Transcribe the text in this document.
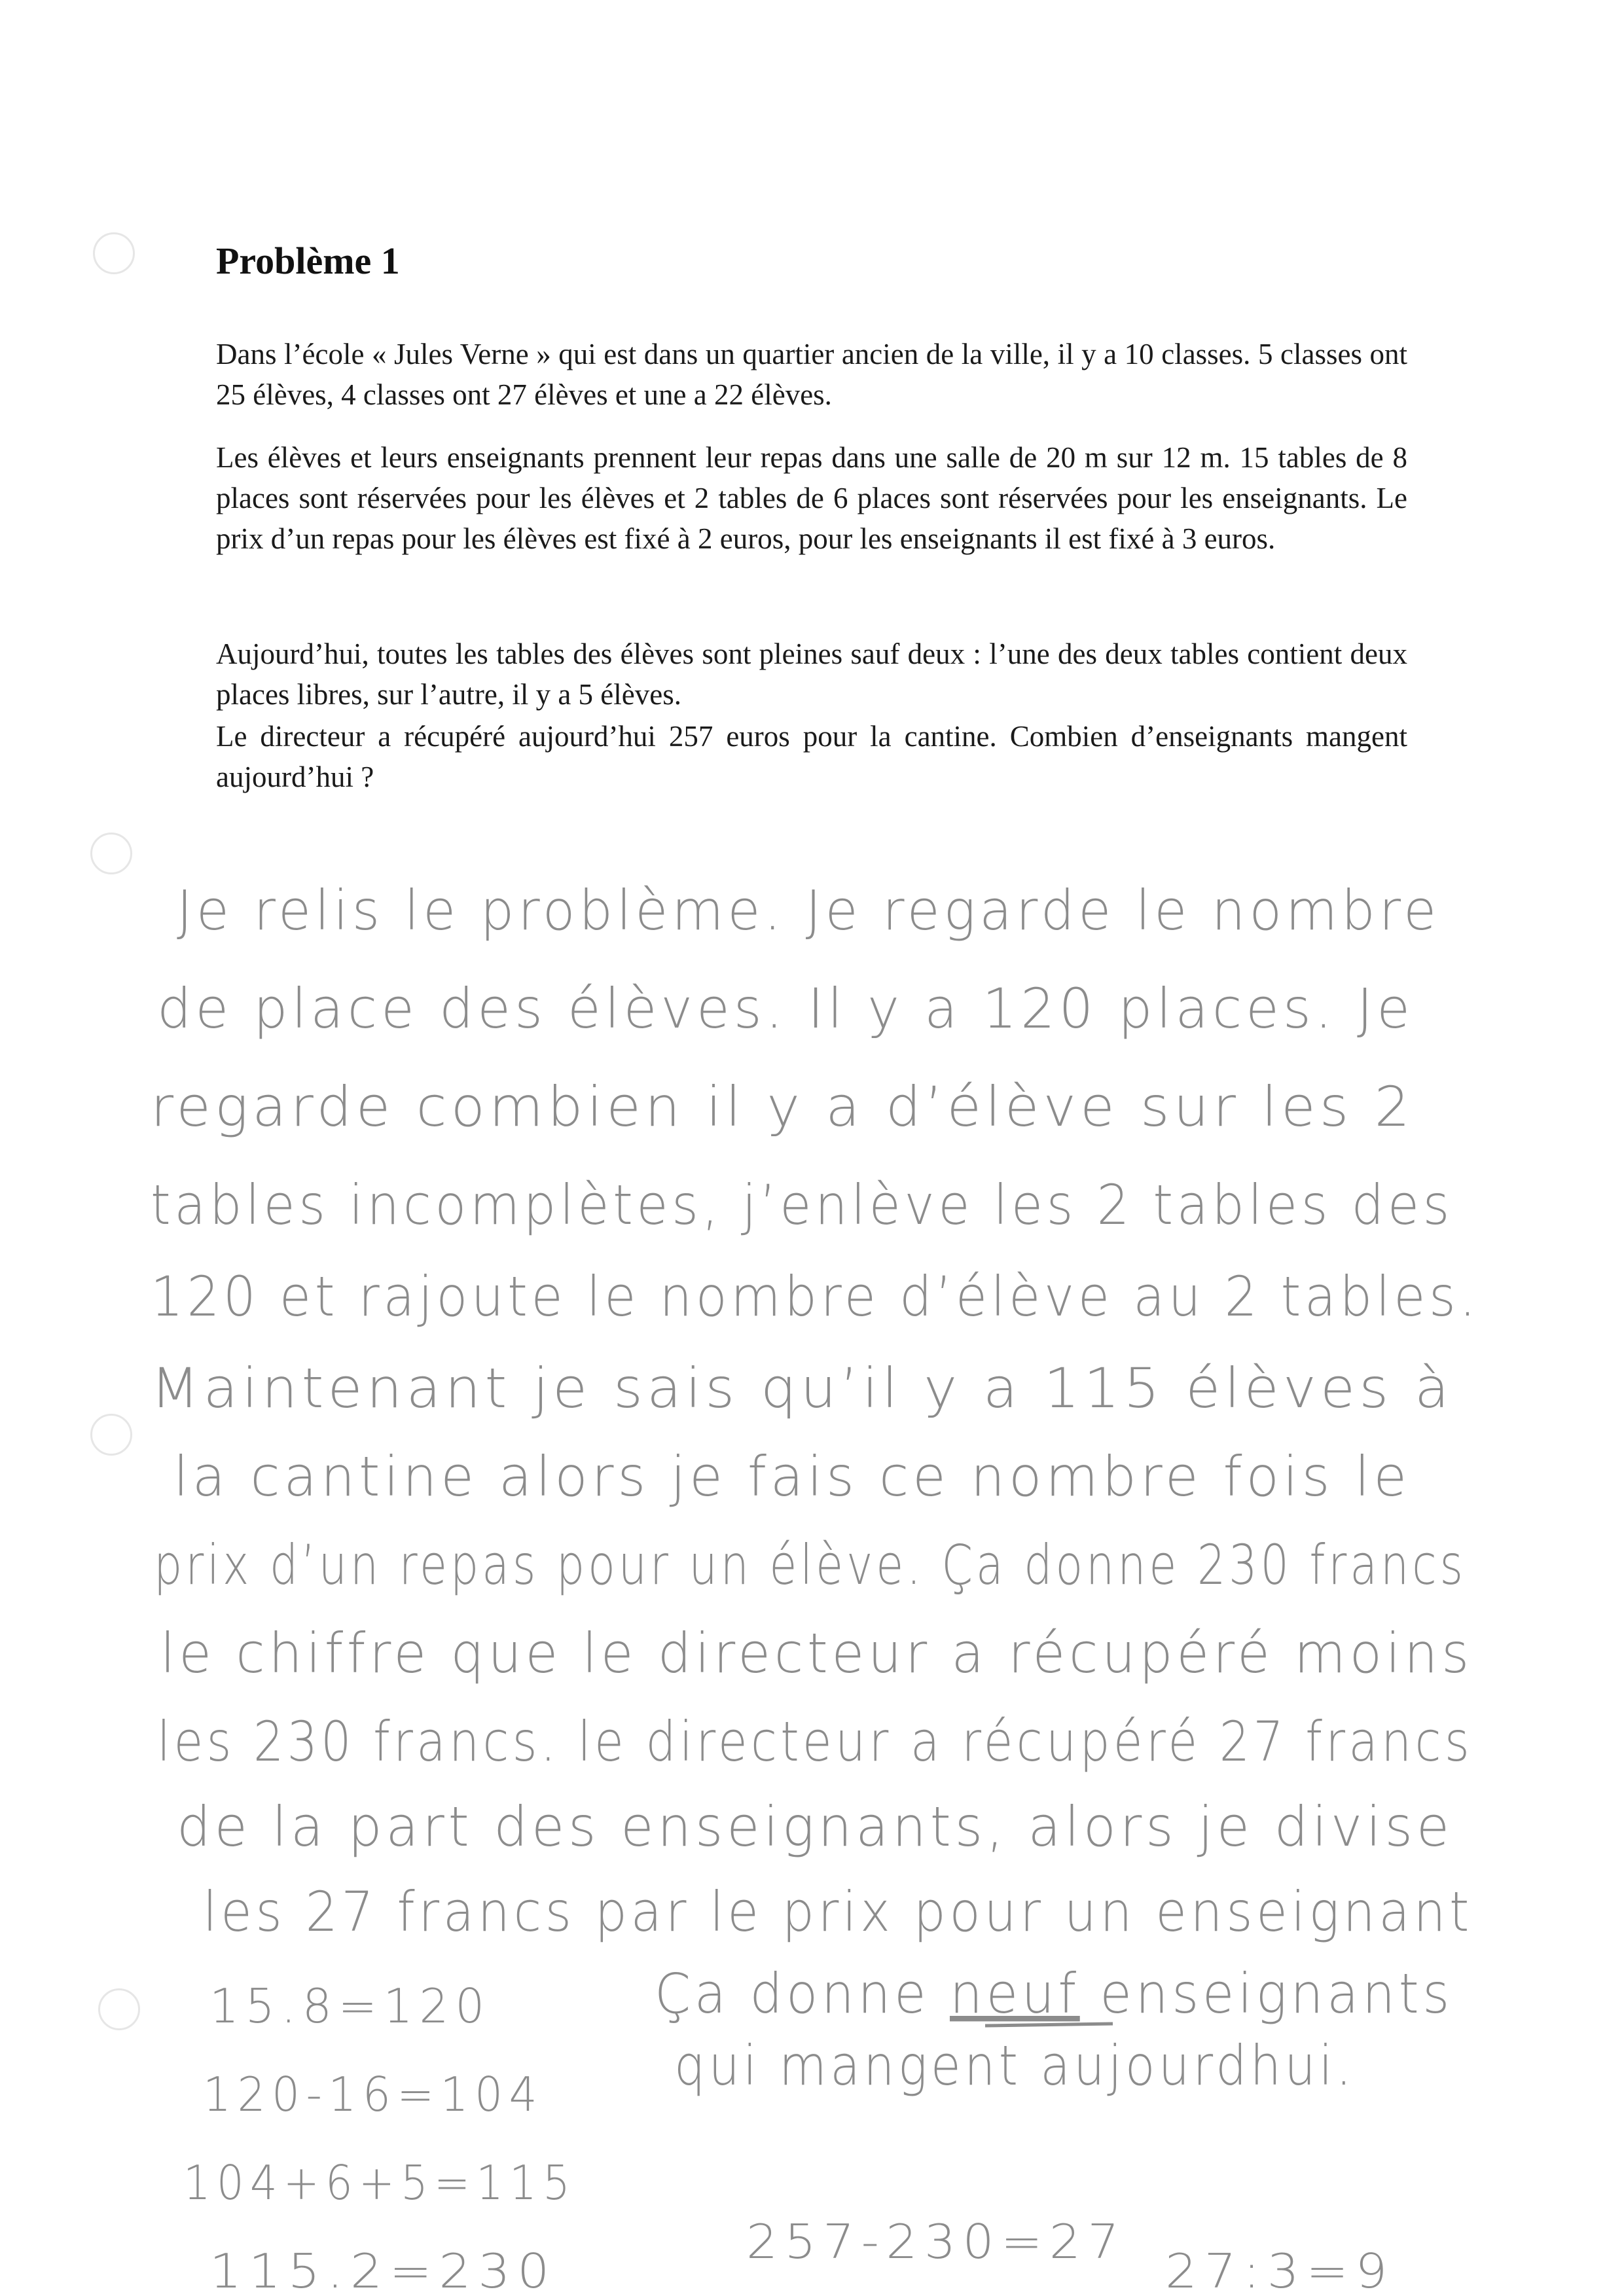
Problème 1

Dans l’école « Jules Verne » qui est dans un quartier ancien de la ville, il y a 10 classes. 5 classes ont 25 élèves, 4 classes ont 27 élèves et une a 22 élèves.

Les élèves et leurs enseignants prennent leur repas dans une salle de 20 m sur 12 m. 15 tables de 8 places sont réservées pour les élèves et 2 tables de 6 places sont réservées pour les enseignants. Le prix d’un repas pour les élèves est fixé à 2 euros, pour les enseignants il est fixé à 3 euros.

Aujourd’hui, toutes les tables des élèves sont pleines sauf deux : l’une des deux tables contient deux places libres, sur l’autre, il y a 5 élèves.

Le directeur a récupéré aujourd’hui 257 euros pour la cantine. Combien d’enseignants mangent aujourd’hui ?

Je relis le problème. Je regarde le nombre
de place des élèves. Il y a 120 places. Je
regarde combien il y a d’élève sur les 2
tables incomplètes, j’enlève les 2 tables des
120 et rajoute le nombre d’élève au 2 tables.
Maintenant je sais qu’il y a 115 élèves à
la cantine alors je fais ce nombre fois le
prix d’un repas pour un élève. Ça donne 230 francs
le chiffre que le directeur a récupéré moins
les 230 francs. le directeur a récupéré 27 francs
de la part des enseignants, alors je divise
les 27 francs par le prix pour un enseignant
Ça donne neuf enseignants
qui mangent aujourdhui.
15.8=120
120-16=104
104+6+5=115
115.2=230
257-230=27
27:3=9
